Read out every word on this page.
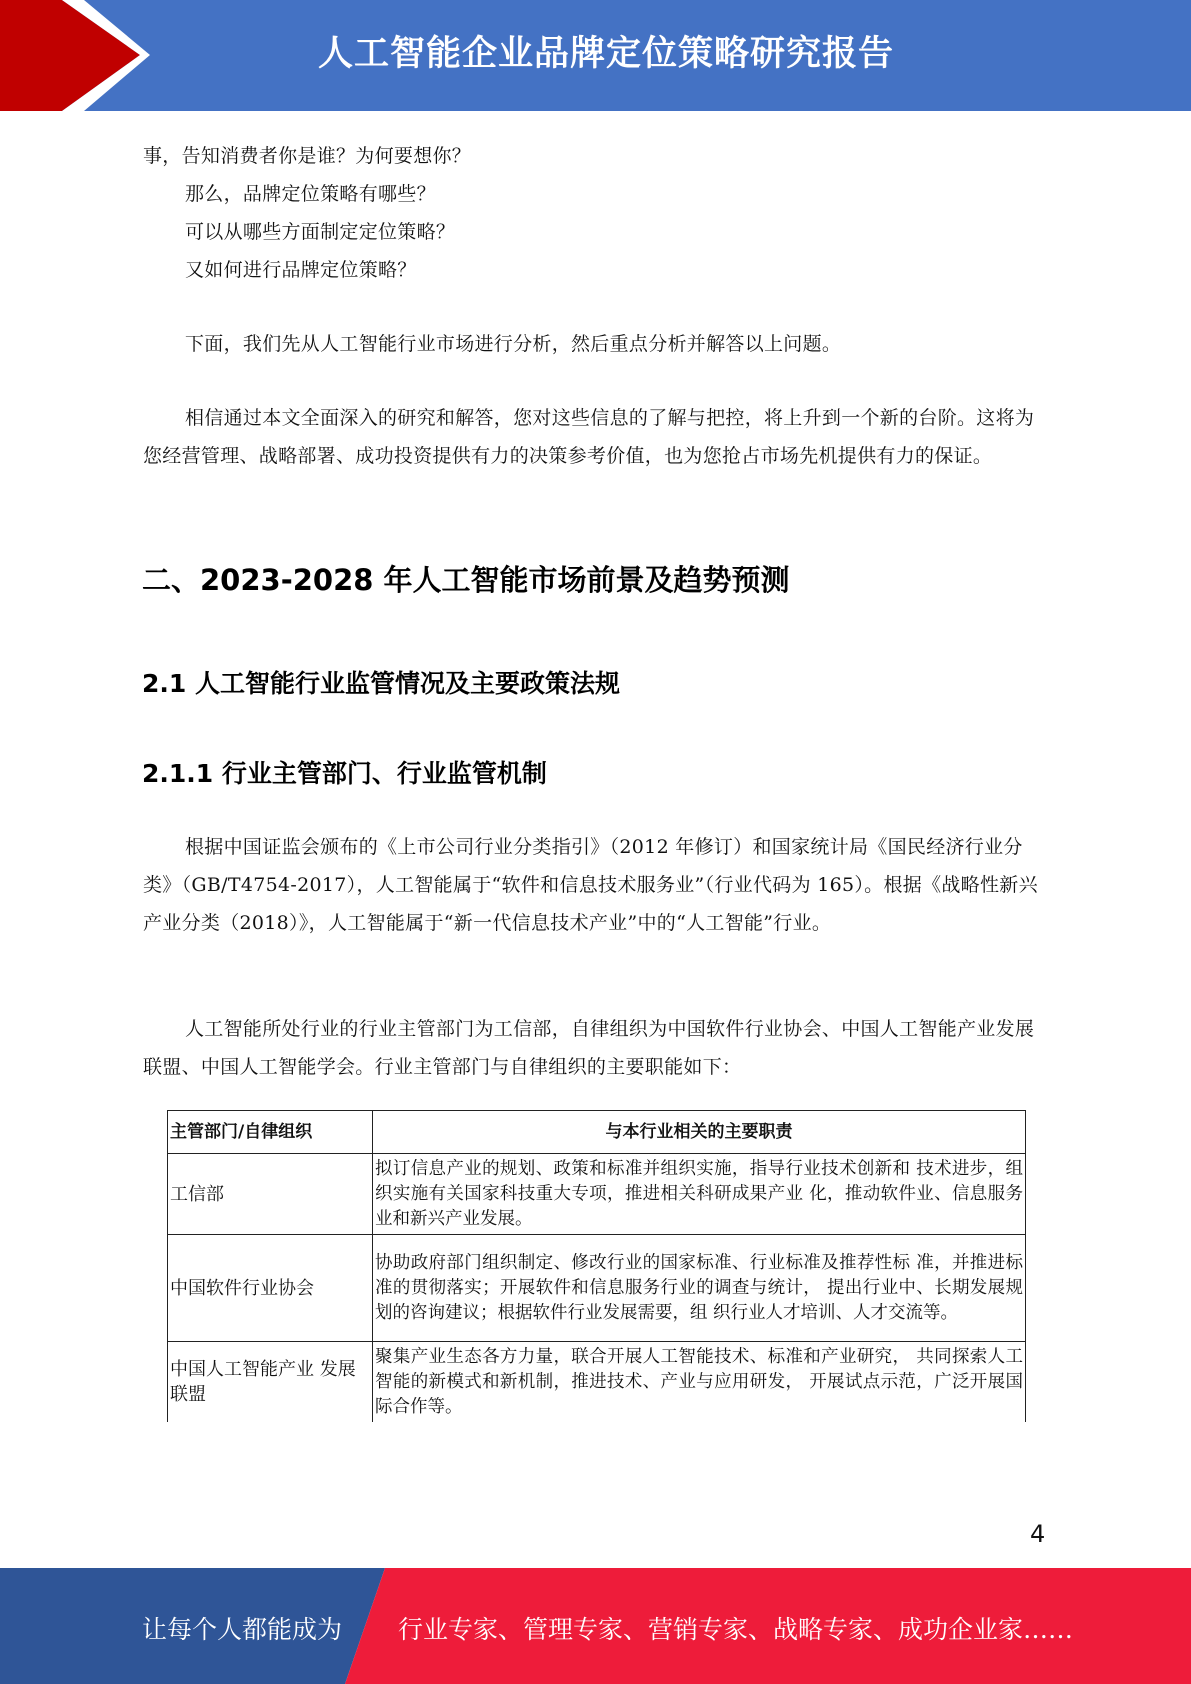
人工智能企业品牌定位策略研究报告
事，告知消费者你是谁？为何要想你？
那么，品牌定位策略有哪些？
可以从哪些方面制定定位策略？
又如何进行品牌定位策略？
下面，我们先从人工智能行业市场进行分析，然后重点分析并解答以上问题。
相信通过本文全面深入的研究和解答，您对这些信息的了解与把控，将上升到一个新的台阶。这将为您经营管理、战略部署、成功投资提供有力的决策参考价值，也为您抢占市场先机提供有力的保证。
二、2023-2028 年人工智能市场前景及趋势预测
2.1 人工智能行业监管情况及主要政策法规
2.1.1 行业主管部门、行业监管机制
根据中国证监会颁布的《上市公司行业分类指引》（2012 年修订）和国家统计局《国民经济行业分类》（GB/T4754-2017），人工智能属于“软件和信息技术服务业”（行业代码为 165）。根据《战略性新兴产业分类（2018）》，人工智能属于“新一代信息技术产业”中的“人工智能”行业。
人工智能所处行业的行业主管部门为工信部，自律组织为中国软件行业协会、中国人工智能产业发展联盟、中国人工智能学会。行业主管部门与自律组织的主要职能如下：
主管部门/自律组织	与本行业相关的主要职责
工信部	拟订信息产业的规划、政策和标准并组织实施，指导行业技术创新和 技术进步，组织实施有关国家科技重大专项，推进相关科研成果产业 化，推动软件业、信息服务业和新兴产业发展。
中国软件行业协会	协助政府部门组织制定、修改行业的国家标准、行业标准及推荐性标 准，并推进标准的贯彻落实；开展软件和信息服务行业的调查与统计， 提出行业中、长期发展规划的咨询建议；根据软件行业发展需要，组 织行业人才培训、人才交流等。
中国人工智能产业 发展联盟	聚集产业生态各方力量，联合开展人工智能技术、标准和产业研究， 共同探索人工智能的新模式和新机制，推进技术、产业与应用研发， 开展试点示范，广泛开展国际合作等。
4
让每个人都能成为 行业专家、管理专家、营销专家、战略专家、成功企业家……
